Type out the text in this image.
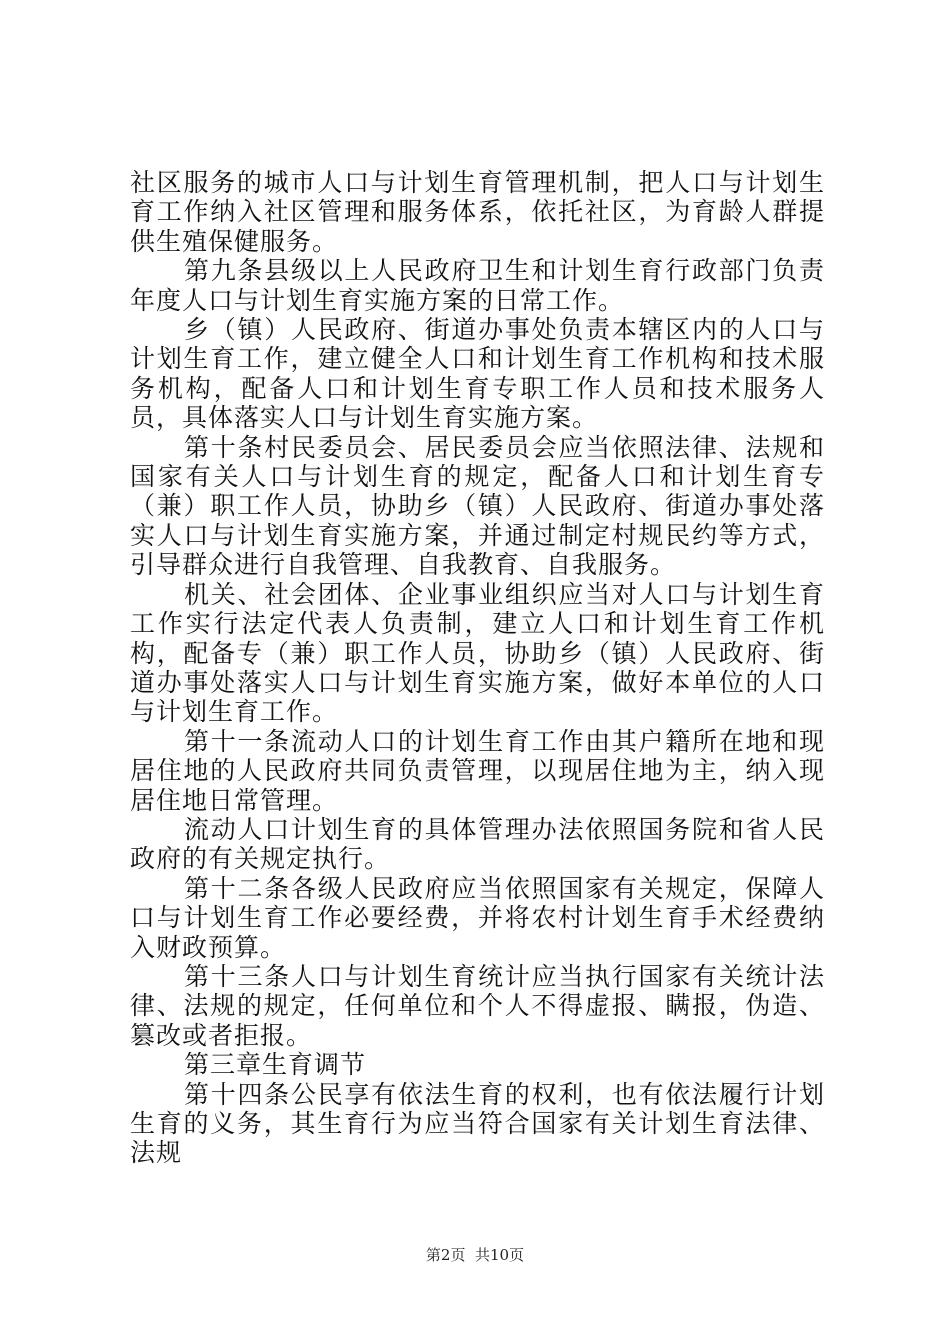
社区服务的城市人口与计划生育管理机制，把人口与计划生育工作纳入社区管理和服务体系，依托社区，为育龄人群提供生殖保健服务。

第九条县级以上人民政府卫生和计划生育行政部门负责年度人口与计划生育实施方案的日常工作。

乡（镇）人民政府、街道办事处负责本辖区内的人口与计划生育工作，建立健全人口和计划生育工作机构和技术服务机构，配备人口和计划生育专职工作人员和技术服务人员，具体落实人口与计划生育实施方案。

第十条村民委员会、居民委员会应当依照法律、法规和国家有关人口与计划生育的规定，配备人口和计划生育专（兼）职工作人员，协助乡（镇）人民政府、街道办事处落实人口与计划生育实施方案，并通过制定村规民约等方式，引导群众进行自我管理、自我教育、自我服务。

机关、社会团体、企业事业组织应当对人口与计划生育工作实行法定代表人负责制，建立人口和计划生育工作机构，配备专（兼）职工作人员，协助乡（镇）人民政府、街道办事处落实人口与计划生育实施方案，做好本单位的人口与计划生育工作。

第十一条流动人口的计划生育工作由其户籍所在地和现居住地的人民政府共同负责管理，以现居住地为主，纳入现居住地日常管理。

流动人口计划生育的具体管理办法依照国务院和省人民政府的有关规定执行。

第十二条各级人民政府应当依照国家有关规定，保障人口与计划生育工作必要经费，并将农村计划生育手术经费纳入财政预算。

第十三条人口与计划生育统计应当执行国家有关统计法律、法规的规定，任何单位和个人不得虚报、瞒报，伪造、篡改或者拒报。

第三章生育调节

第十四条公民享有依法生育的权利，也有依法履行计划生育的义务，其生育行为应当符合国家有关计划生育法律、法规

第2页  共10页
